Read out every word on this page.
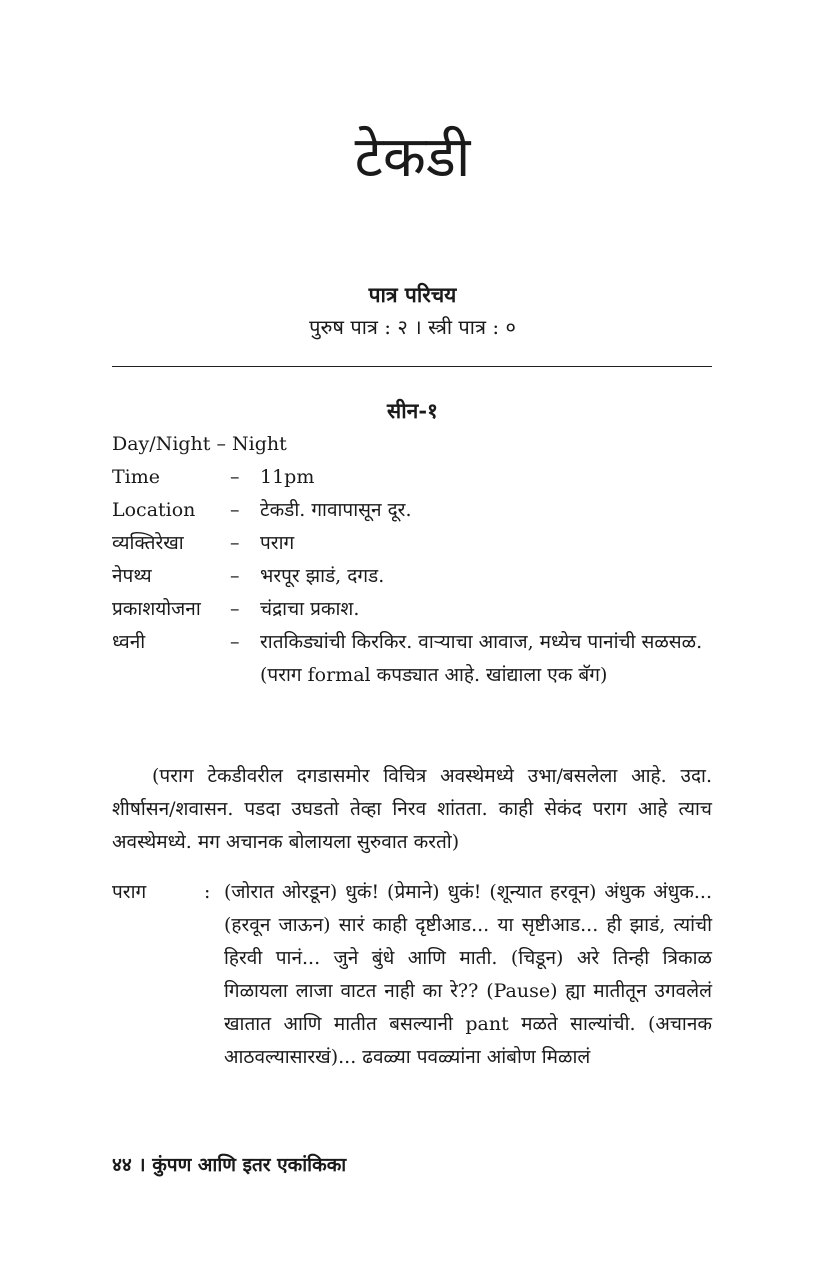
टेकडी
पात्र परिचय
पुरुष पात्र : २ । स्त्री पात्र : ०
सीन-१
Day/Night – Night
Time	–	11pm
Location	–	टेकडी. गावापासून दूर.
व्यक्तिरेखा	–	पराग
नेपथ्य	–	भरपूर झाडं, दगड.
प्रकाशयोजना	–	चंद्राचा प्रकाश.
ध्वनी	–	रातकिड्यांची किरकिर. वाऱ्याचा आवाज, मध्येच पानांची सळसळ.
(पराग formal कपड्यात आहे. खांद्याला एक बॅग)
(पराग टेकडीवरील दगडासमोर विचित्र अवस्थेमध्ये उभा/बसलेला आहे. उदा. शीर्षासन/शवासन. पडदा उघडतो तेव्हा निरव शांतता. काही सेकंद पराग आहे त्याच अवस्थेमध्ये. मग अचानक बोलायला सुरुवात करतो)
पराग	: (जोरात ओरडून) धुकं! (प्रेमाने) धुकं! (शून्यात हरवून) अंधुक अंधुक... (हरवून जाऊन) सारं काही दृष्टीआड... या सृष्टीआड... ही झाडं, त्यांची हिरवी पानं... जुने बुंधे आणि माती. (चिडून) अरे तिन्ही त्रिकाळ गिळायला लाजा वाटत नाही का रे?? (Pause) ह्या मातीतून उगवलेलं खातात आणि मातीत बसल्यानी pant मळते साल्यांची. (अचानक आठवल्यासारखं)... ढवळ्या पवळ्यांना आंबोण मिळालं
४४ । कुंपण आणि इतर एकांकिका
